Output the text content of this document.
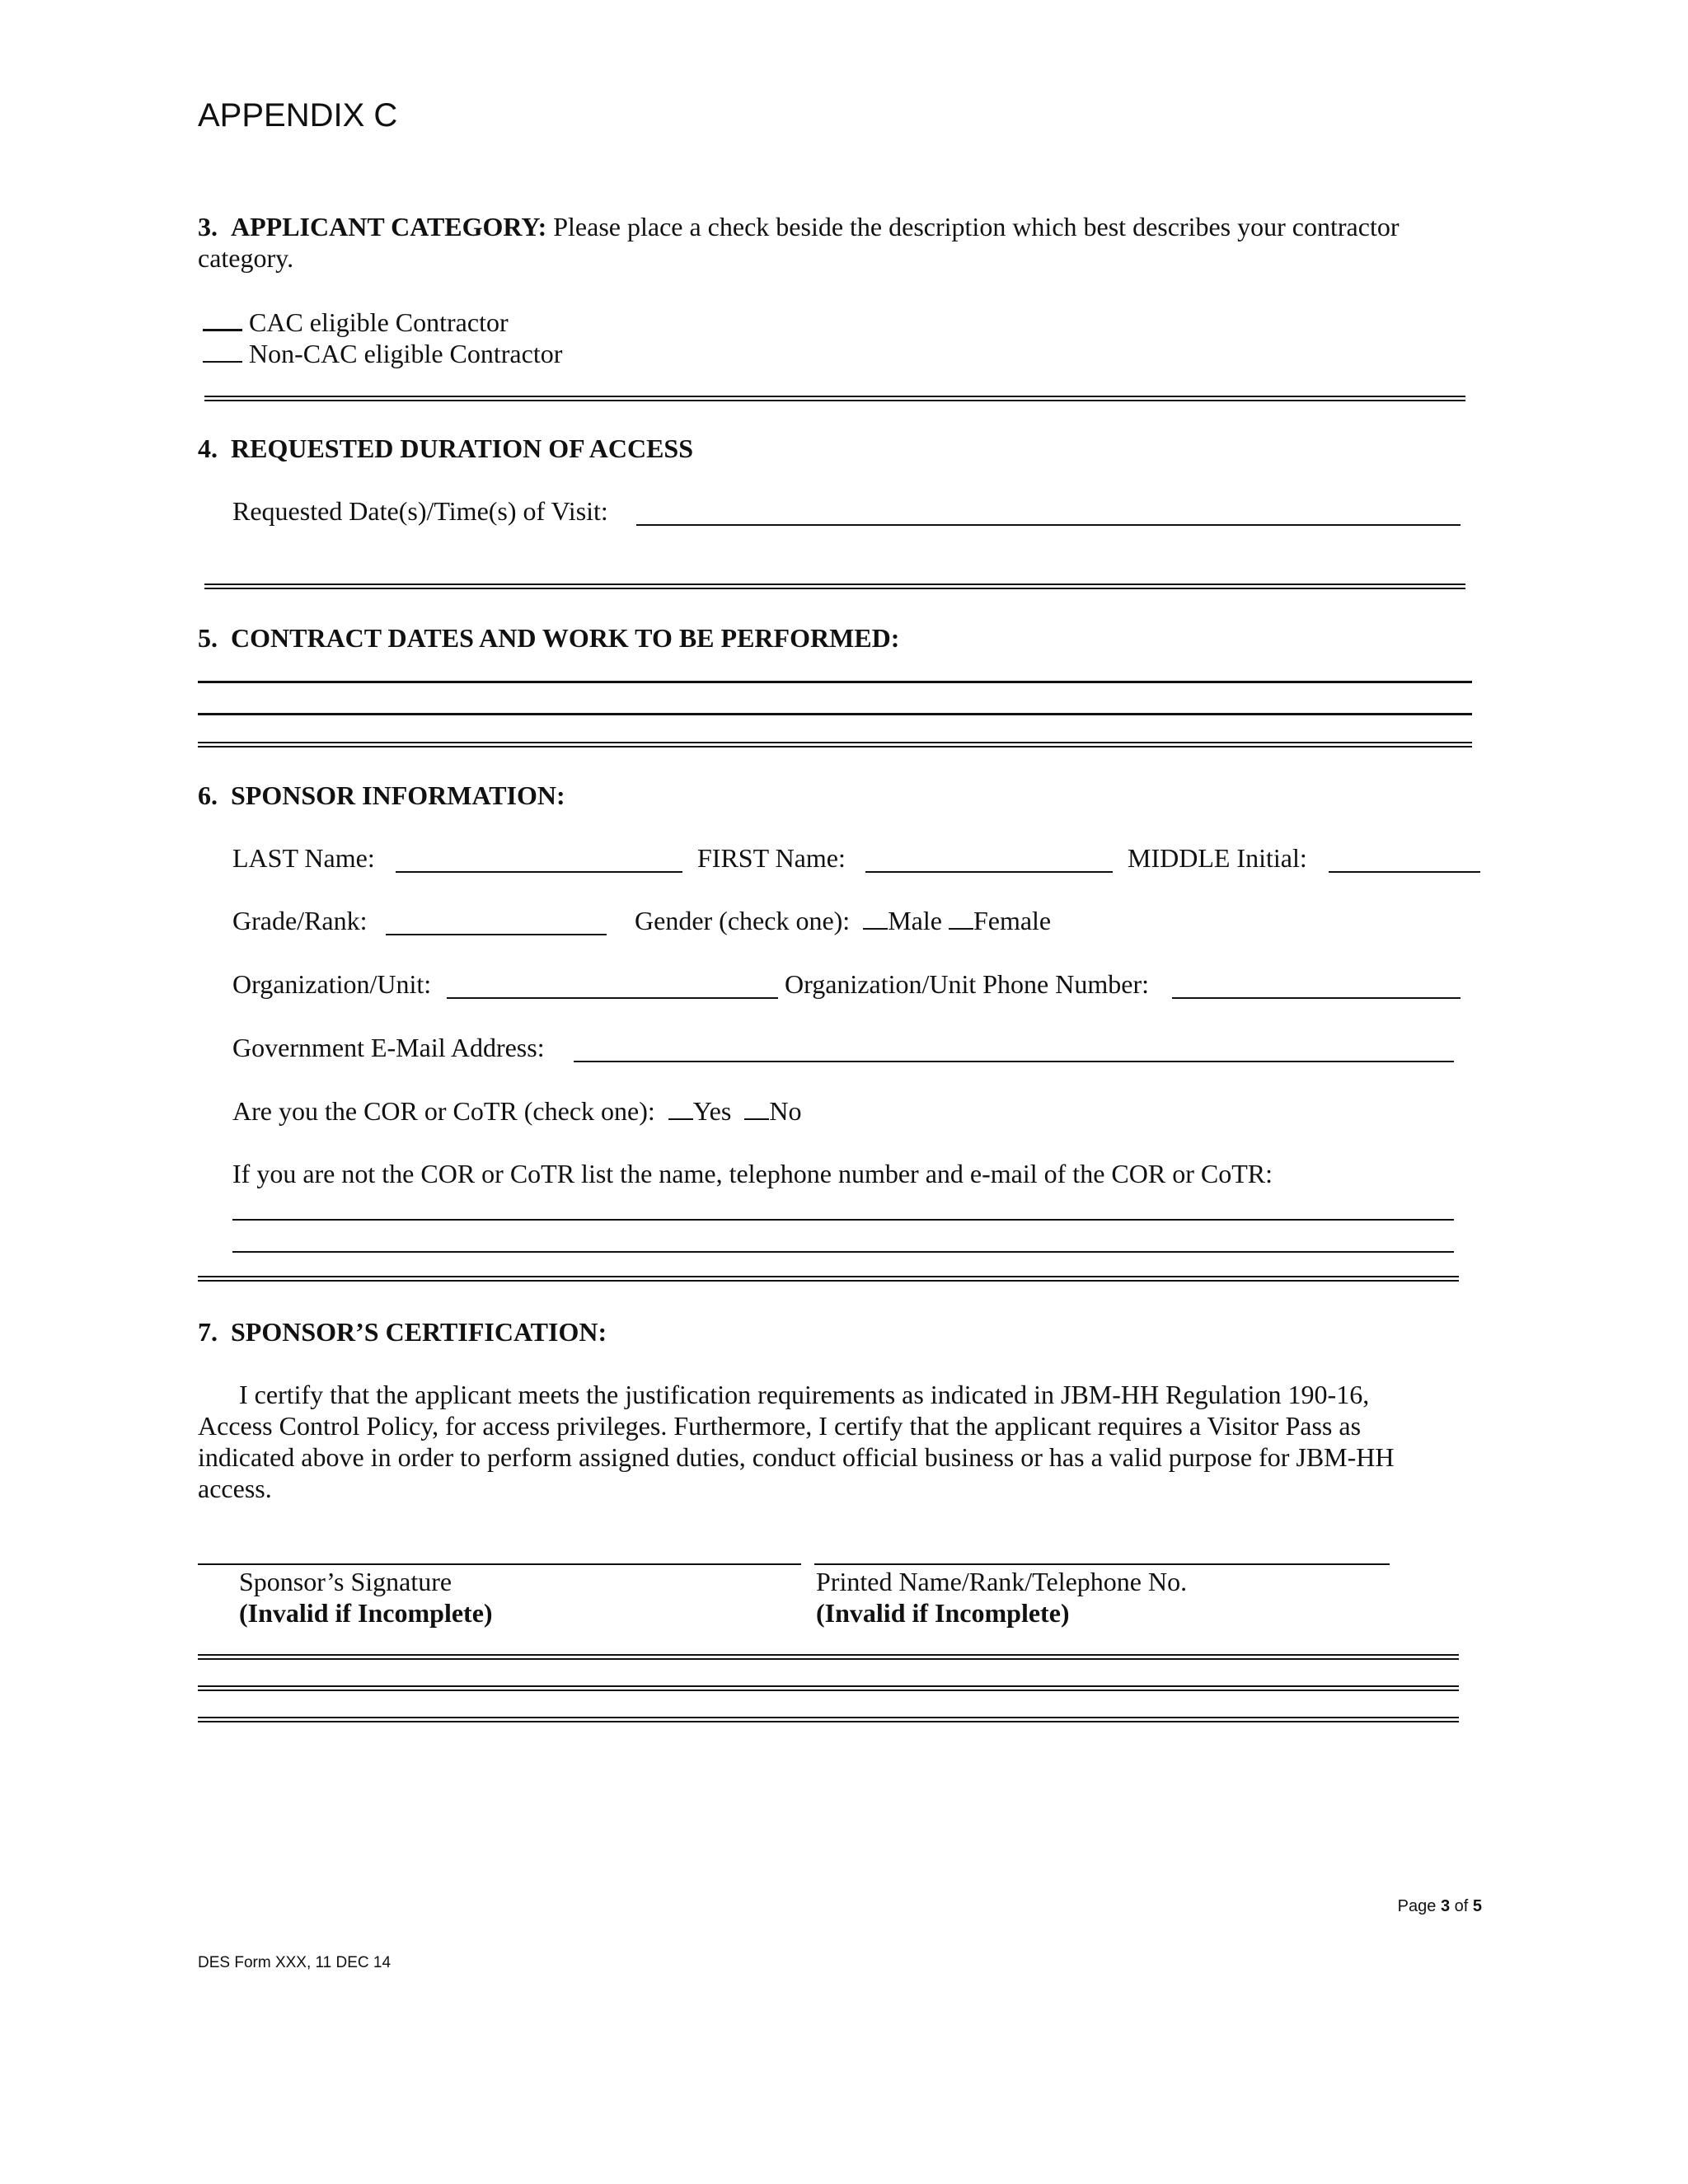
APPENDIX C
3. APPLICANT CATEGORY: Please place a check beside the description which best describes your contractor
category.
CAC eligible Contractor
Non-CAC eligible Contractor
4. REQUESTED DURATION OF ACCESS
Requested Date(s)/Time(s) of Visit:
5. CONTRACT DATES AND WORK TO BE PERFORMED:
6. SPONSOR INFORMATION:
LAST Name:	FIRST Name:	MIDDLE Initial:
Grade/Rank:	Gender (check one): Male Female
Organization/Unit:	Organization/Unit Phone Number:
Government E-Mail Address:
Are you the COR or CoTR (check one): Yes No
If you are not the COR or CoTR list the name, telephone number and e-mail of the COR or CoTR:
7. SPONSOR’S CERTIFICATION:
I certify that the applicant meets the justification requirements as indicated in JBM-HH Regulation 190-16,
Access Control Policy, for access privileges. Furthermore, I certify that the applicant requires a Visitor Pass as
indicated above in order to perform assigned duties, conduct official business or has a valid purpose for JBM-HH
access.
Sponsor’s Signature
(Invalid if Incomplete)
Printed Name/Rank/Telephone No.
(Invalid if Incomplete)
Page 3 of 5
DES Form XXX, 11 DEC 14
